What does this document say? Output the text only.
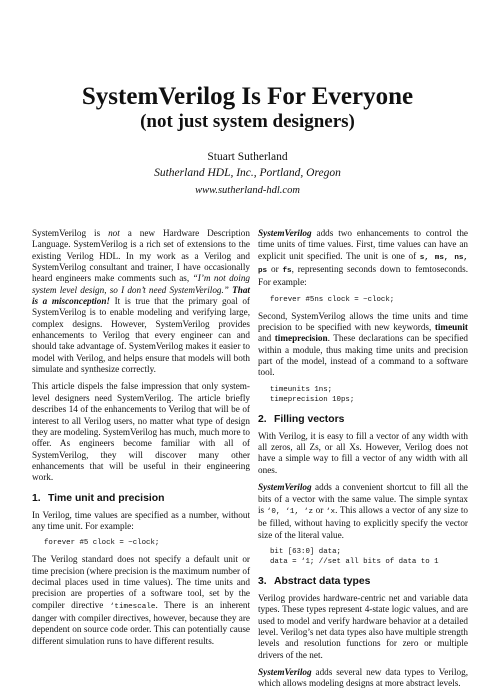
SystemVerilog Is For Everyone
(not just system designers)
Stuart Sutherland
Sutherland HDL, Inc., Portland, Oregon
www.sutherland-hdl.com

SystemVerilog is not a new Hardware Description Language. SystemVerilog is a rich set of extensions to the existing Verilog HDL. In my work as a Verilog and SystemVerilog consultant and trainer, I have occasionally heard engineers make comments such as, “I’m not doing system level design, so I don’t need SystemVerilog.” That is a misconception! It is true that the primary goal of SystemVerilog is to enable modeling and verifying large, complex designs. However, SystemVerilog provides enhancements to Verilog that every engineer can and should take advantage of. SystemVerilog makes it easier to model with Verilog, and helps ensure that models will both simulate and synthesize correctly.

This article dispels the false impression that only system-level designers need SystemVerilog. The article briefly describes 14 of the enhancements to Verilog that will be of interest to all Verilog users, no matter what type of design they are modeling. SystemVerilog has much, much more to offer. As engineers become familiar with all of SystemVerilog, they will discover many other enhancements that will be useful in their engineering work.

1. Time unit and precision

In Verilog, time values are specified as a number, without any time unit. For example:

forever #5 clock = ~clock;

The Verilog standard does not specify a default unit or time precision (where precision is the maximum number of decimal places used in time values). The time units and precision are properties of a software tool, set by the compiler directive ‘timescale. There is an inherent danger with compiler directives, however, because they are dependent on source code order. This can potentially cause different simulation runs to have different results.

SystemVerilog adds two enhancements to control the time units of time values. First, time values can have an explicit unit specified. The unit is one of s, ms, ns, ps or fs, representing seconds down to femtoseconds. For example:

forever #5ns clock = ~clock;

Second, SystemVerilog allows the time units and time precision to be specified with new keywords, timeunit and timeprecision. These declarations can be specified within a module, thus making time units and precision part of the model, instead of a command to a software tool.

timeunits 1ns;
timeprecision 10ps;
2. Filling vectors

With Verilog, it is easy to fill a vector of any width with all zeros, all Zs, or all Xs. However, Verilog does not have a simple way to fill a vector of any width with all ones.

SystemVerilog adds a convenient shortcut to fill all the bits of a vector with the same value. The simple syntax is ‘0, ‘1, ‘z or ‘x. This allows a vector of any size to be filled, without having to explicitly specify the vector size of the literal value.

bit [63:0] data;
data = ‘1; //set all bits of data to 1
3. Abstract data types

Verilog provides hardware-centric net and variable data types. These types represent 4-state logic values, and are used to model and verify hardware behavior at a detailed level. Verilog’s net data types also have multiple strength levels and resolution functions for zero or multiple drivers of the net.

SystemVerilog adds several new data types to Verilog, which allows modeling designs at more abstract levels.
